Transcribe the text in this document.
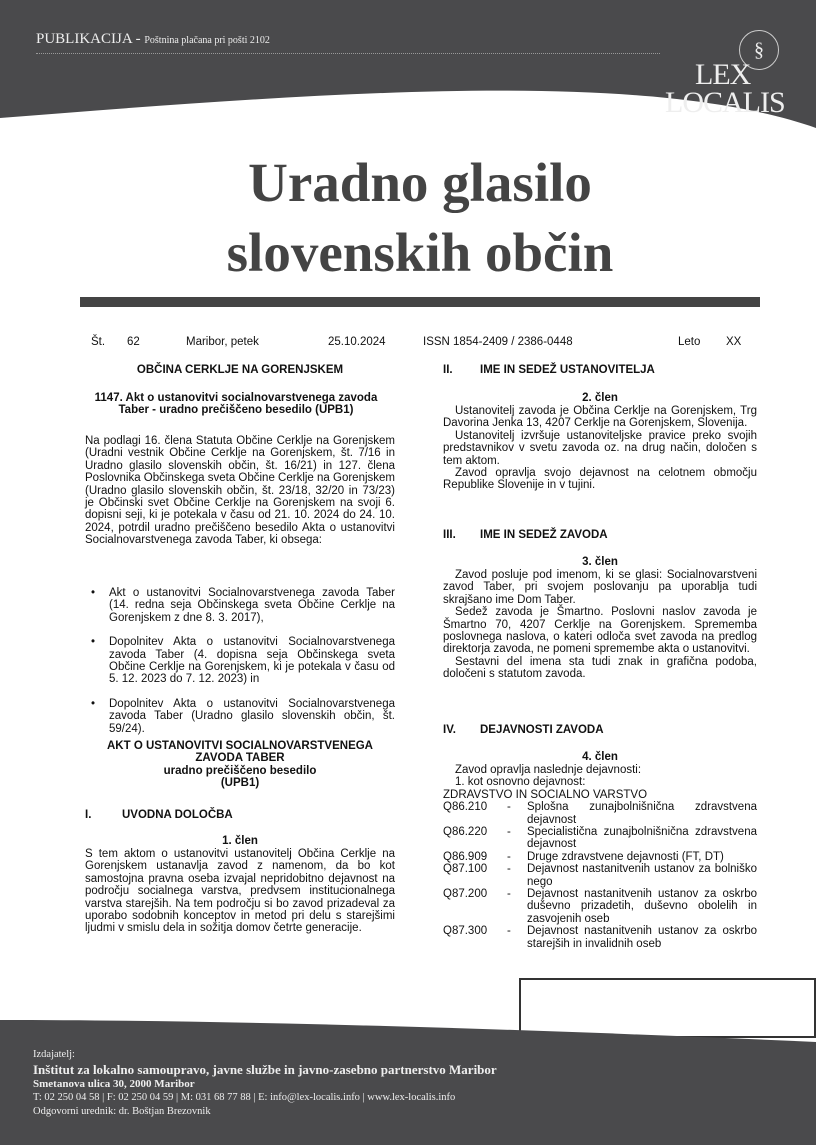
PUBLIKACIJA - Poštnina plačana pri pošti 2102	§
LEX
LOCALIS
Uradno glasilo
slovenskih občin
Št. 62	Maribor, petek	25.10.2024	ISSN 1854-2409 / 2386-0448	Leto XX
OBČINA CERKLJE NA GORENJSKEM
1147. Akt o ustanovitvi socialnovarstvenega zavoda Taber - uradno prečiščeno besedilo (UPB1)
Na podlagi 16. člena Statuta Občine Cerklje na Gorenjskem (Uradni vestnik Občine Cerklje na Gorenjskem, št. 7/16 in Uradno glasilo slovenskih občin, št. 16/21) in 127. člena Poslovnika Občinskega sveta Občine Cerklje na Gorenjskem (Uradno glasilo slovenskih občin, št. 23/18, 32/20 in 73/23) je Občinski svet Občine Cerklje na Gorenjskem na svoji 6. dopisni seji, ki je potekala v času od 21. 10. 2024 do 24. 10. 2024, potrdil uradno prečiščeno besedilo Akta o ustanovitvi Socialnovarstvenega zavoda Taber, ki obsega:
• Akt o ustanovitvi Socialnovarstvenega zavoda Taber (14. redna seja Občinskega sveta Občine Cerklje na Gorenjskem z dne 8. 3. 2017),
• Dopolnitev Akta o ustanovitvi Socialnovarstvenega zavoda Taber (4. dopisna seja Občinskega sveta Občine Cerklje na Gorenjskem, ki je potekala v času od 5. 12. 2023 do 7. 12. 2023) in
• Dopolnitev Akta o ustanovitvi Socialnovarstvenega zavoda Taber (Uradno glasilo slovenskih občin, št. 59/24).
AKT O USTANOVITVI SOCIALNOVARSTVENEGA
ZAVODA TABER
uradno prečiščeno besedilo
(UPB1)
I.	UVODNA DOLOČBA
1. člen
S tem aktom o ustanovitvi ustanovitelj Občina Cerklje na Gorenjskem ustanavlja zavod z namenom, da bo kot samostojna pravna oseba izvajal nepridobitno dejavnost na področju socialnega varstva, predvsem institucionalnega varstva starejših. Na tem področju si bo zavod prizadeval za uporabo sodobnih konceptov in metod pri delu s starejšimi ljudmi v smislu dela in sožitja domov četrte generacije.
II.	IME IN SEDEŽ USTANOVITELJA
2. člen

Ustanovitelj zavoda je Občina Cerklje na Gorenjskem, Trg Davorina Jenka 13, 4207 Cerklje na Gorenjskem, Slovenija.

Ustanovitelj izvršuje ustanoviteljske pravice preko svojih predstavnikov v svetu zavoda oz. na drug način, določen s tem aktom.

Zavod opravlja svojo dejavnost na celotnem območju Republike Slovenije in v tujini.

III.	IME IN SEDEŽ ZAVODA
3. člen

Zavod posluje pod imenom, ki se glasi: Socialnovarstveni zavod Taber, pri svojem poslovanju pa uporablja tudi skrajšano ime Dom Taber.

Sedež zavoda je Šmartno. Poslovni naslov zavoda je Šmartno 70, 4207 Cerklje na Gorenjskem. Sprememba poslovnega naslova, o kateri odloča svet zavoda na predlog direktorja zavoda, ne pomeni spremembe akta o ustanovitvi.

Sestavni del imena sta tudi znak in grafična podoba, določeni s statutom zavoda.

IV.	DEJAVNOSTI ZAVODA
4. člen

Zavod opravlja naslednje dejavnosti:

1. kot osnovno dejavnost:

ZDRAVSTVO IN SOCIALNO VARSTVO

Q86.210	-	Splošna zunajbolnišnična zdravstvena dejavnost
Q86.220	-	Specialistična zunajbolnišnična zdravstvena dejavnost
Q86.909	-	Druge zdravstvene dejavnosti (FT, DT)
Q87.100	-	Dejavnost nastanitvenih ustanov za bolniško nego
Q87.200	-	Dejavnost nastanitvenih ustanov za oskrbo duševno prizadetih, duševno obolelih in zasvojenih oseb
Q87.300	-	Dejavnost nastanitvenih ustanov za oskrbo starejših in invalidnih oseb
Izdajatelj:
Inštitut za lokalno samoupravo, javne službe in javno-zasebno partnerstvo Maribor
Smetanova ulica 30, 2000 Maribor
T: 02 250 04 58 | F: 02 250 04 59 | M: 031 68 77 88 | E: info@lex-localis.info | www.lex-localis.info
Odgovorni urednik: dr. Boštjan Brezovnik
